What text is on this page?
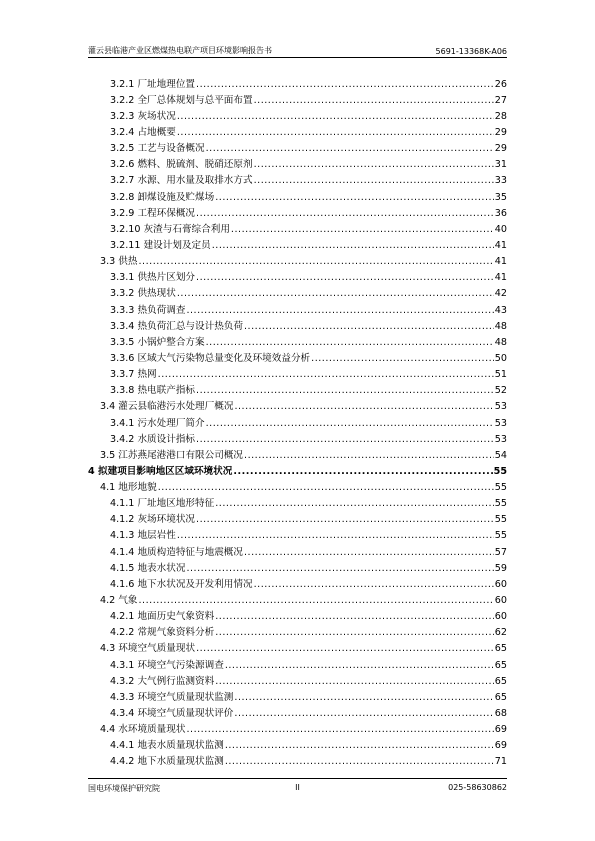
灌云县临港产业区燃煤热电联产项目环境影响报告书	5691-13368K-A06
3.2.1 厂址地理位置 .....	26
3.2.2 全厂总体规划与总平面布置 .....	27
3.2.3 灰场状况 .....	28
3.2.4 占地概要 .....	29
3.2.5 工艺与设备概况 .....	29
3.2.6 燃料、脱硫剂、脱硝还原剂 .....	31
3.2.7 水源、用水量及取排水方式 .....	33
3.2.8 卸煤设施及贮煤场 .....	35
3.2.9 工程环保概况 .....	36
3.2.10 灰渣与石膏综合利用 .....	40
3.2.11 建设计划及定员 .....	41
3.3 供热 .....	41
3.3.1 供热片区划分 .....	41
3.3.2 供热现状 .....	42
3.3.3 热负荷调查 .....	43
3.3.4 热负荷汇总与设计热负荷 .....	48
3.3.5 小锅炉整合方案 .....	48
3.3.6 区域大气污染物总量变化及环境效益分析 .....	50
3.3.7 热网 .....	51
3.3.8 热电联产指标 .....	52
3.4 灌云县临港污水处理厂概况 .....	53
3.4.1 污水处理厂简介 .....	53
3.4.2 水质设计指标 .....	53
3.5 江苏燕尾港港口有限公司概况 .....	54
4 拟建项目影响地区区域环境状况 .....	55
4.1 地形地貌 .....	55
4.1.1 厂址地区地形特征 .....	55
4.1.2 灰场环境状况 .....	55
4.1.3 地层岩性 .....	55
4.1.4 地质构造特征与地震概况 .....	57
4.1.5 地表水状况 .....	59
4.1.6 地下水状况及开发利用情况 .....	60
4.2 气象 .....	60
4.2.1 地面历史气象资料 .....	60
4.2.2 常规气象资料分析 .....	62
4.3 环境空气质量现状 .....	65
4.3.1 环境空气污染源调查 .....	65
4.3.2 大气例行监测资料 .....	65
4.3.3 环境空气质量现状监测 .....	65
4.3.4 环境空气质量现状评价 .....	68
4.4 水环境质量现状 .....	69
4.4.1 地表水质量现状监测 .....	69
4.4.2 地下水质量现状监测 .....	71
国电环境保护研究院	II	025-58630862
